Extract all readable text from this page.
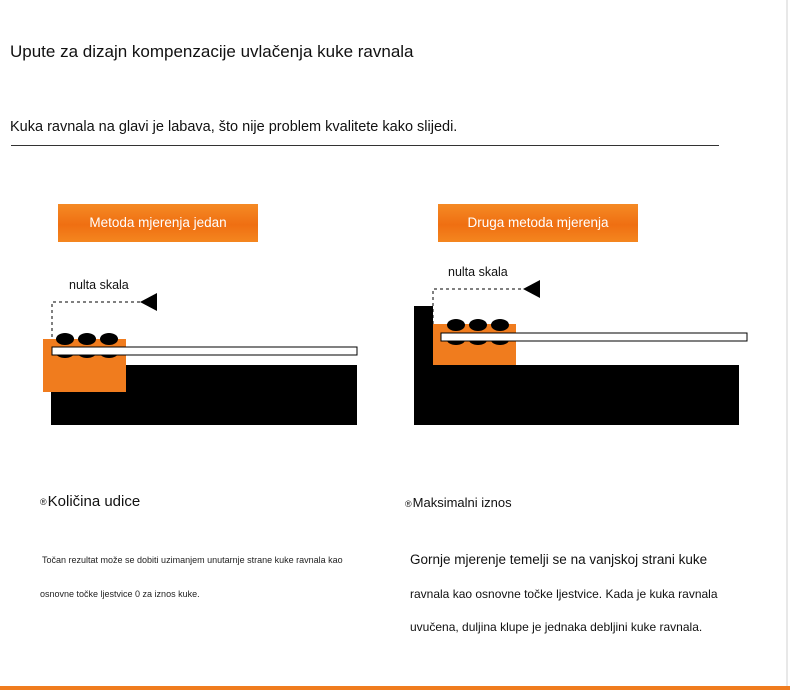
Upute za dizajn kompenzacije uvlačenja kuke ravnala
Kuka ravnala na glavi je labava, što nije problem kvalitete kako slijedi.
Metoda mjerenja jedan	Druga metoda mjerenja
nulta skala
nulta skala
®Količina udice	®Maksimalni iznos
Točan rezultat može se dobiti uzimanjem unutarnje strane kuke ravnala kao
osnovne točke ljestvice 0 za iznos kuke.
Gornje mjerenje temelji se na vanjskoj strani kuke
ravnala kao osnovne točke ljestvice. Kada je kuka ravnala
uvučena, duljina klupe je jednaka debljini kuke ravnala.
